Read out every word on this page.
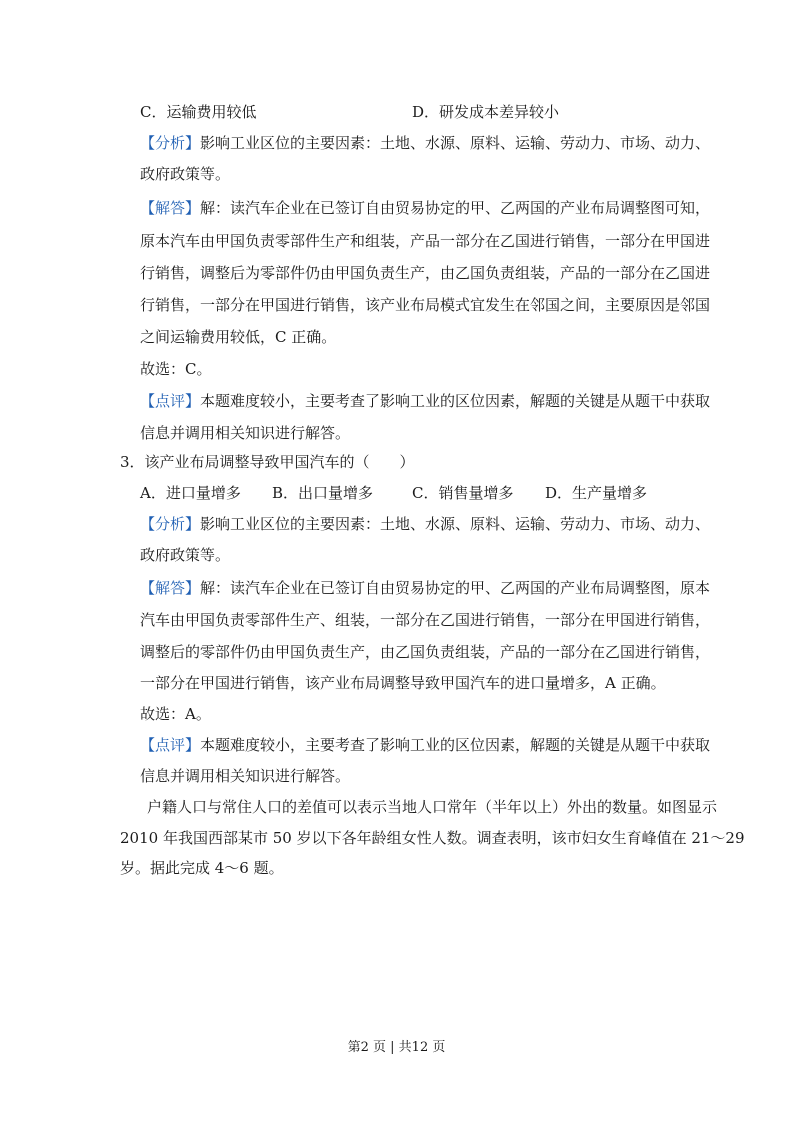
C．运输费用较低	D．研发成本差异较小
【分析】影响工业区位的主要因素：土地、水源、原料、运输、劳动力、市场、动力、
政府政策等。
【解答】解：读汽车企业在已签订自由贸易协定的甲、乙两国的产业布局调整图可知，
原本汽车由甲国负责零部件生产和组装，产品一部分在乙国进行销售，一部分在甲国进
行销售，调整后为零部件仍由甲国负责生产，由乙国负责组装，产品的一部分在乙国进
行销售，一部分在甲国进行销售，该产业布局模式宜发生在邻国之间，主要原因是邻国
之间运输费用较低，C 正确。
故选：C。
【点评】本题难度较小，主要考查了影响工业的区位因素，解题的关键是从题干中获取
信息并调用相关知识进行解答。
3．该产业布局调整导致甲国汽车的（　　）
A．进口量增多 B．出口量增多	C．销售量增多 D．生产量增多
【分析】影响工业区位的主要因素：土地、水源、原料、运输、劳动力、市场、动力、
政府政策等。
【解答】解：读汽车企业在已签订自由贸易协定的甲、乙两国的产业布局调整图，原本
汽车由甲国负责零部件生产、组装，一部分在乙国进行销售，一部分在甲国进行销售，
调整后的零部件仍由甲国负责生产，由乙国负责组装，产品的一部分在乙国进行销售，
一部分在甲国进行销售，该产业布局调整导致甲国汽车的进口量增多，A 正确。
故选：A。
【点评】本题难度较小，主要考查了影响工业的区位因素，解题的关键是从题干中获取
信息并调用相关知识进行解答。
户籍人口与常住人口的差值可以表示当地人口常年（半年以上）外出的数量。如图显示
2010 年我国西部某市 50 岁以下各年龄组女性人数。调查表明，该市妇女生育峰值在 21～29
岁。据此完成 4～6 题。
第2 页 | 共12 页
